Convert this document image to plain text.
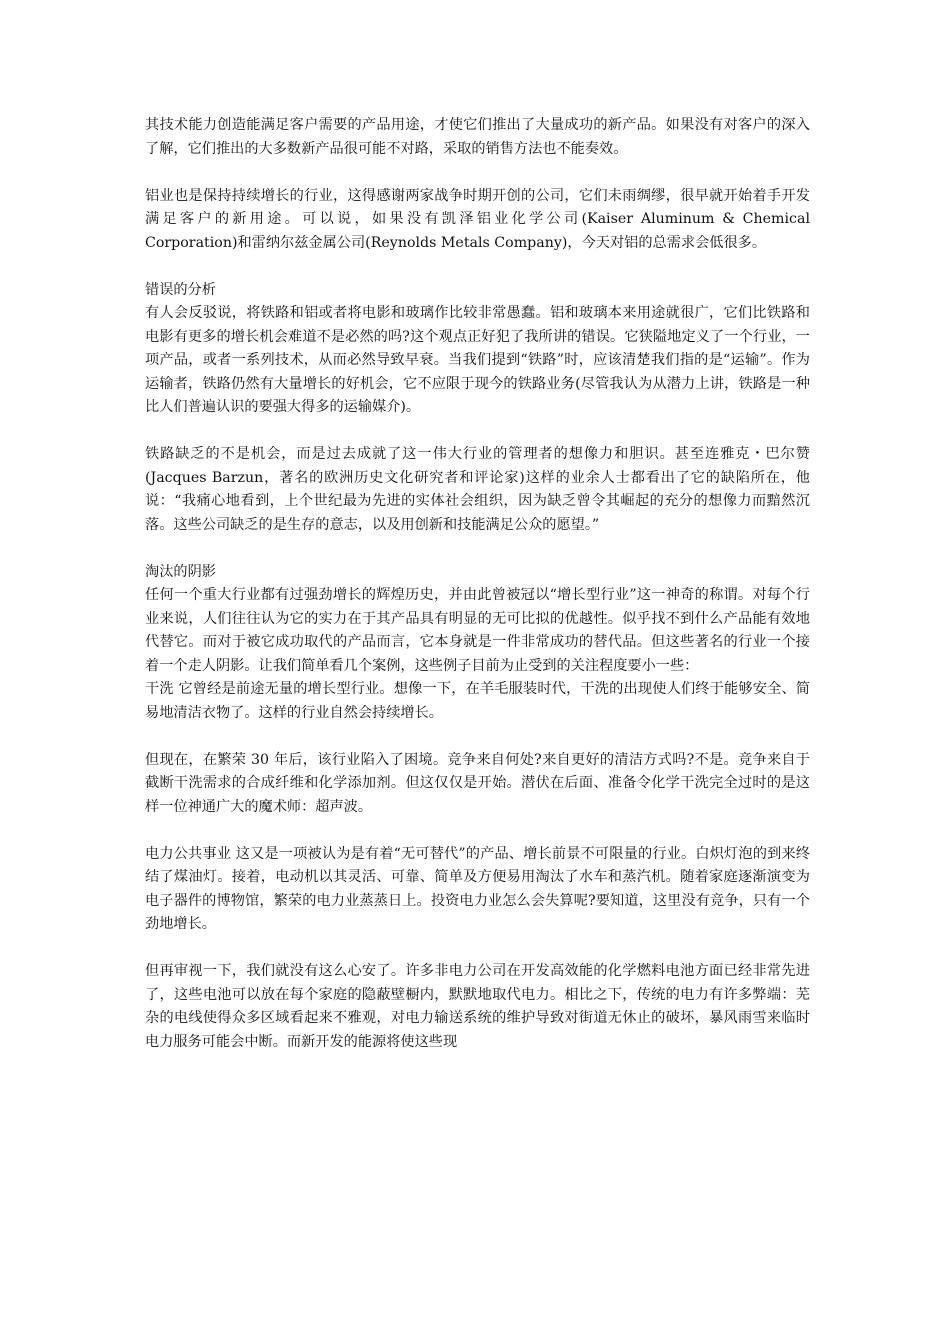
其技术能力创造能满足客户需要的产品用途，才使它们推出了大量成功的新产品。如果没有对客户的深入了解，它们推出的大多数新产品很可能不对路，采取的销售方法也不能奏效。

铝业也是保持持续增长的行业，这得感谢两家战争时期开创的公司，它们未雨绸缪，很早就开始着手开发满足客户的新用途。可以说，如果没有凯泽铝业化学公司(Kaiser Aluminum & Chemical Corporation)和雷纳尔兹金属公司(Reynolds Metals Company)，今天对铝的总需求会低很多。

错误的分析

有人会反驳说，将铁路和铝或者将电影和玻璃作比较非常愚蠢。铝和玻璃本来用途就很广，它们比铁路和电影有更多的增长机会难道不是必然的吗?这个观点正好犯了我所讲的错误。它狭隘地定义了一个行业，一项产品，或者一系列技术，从而必然导致早衰。当我们提到“铁路”时，应该清楚我们指的是“运输”。作为运输者，铁路仍然有大量增长的好机会，它不应限于现今的铁路业务(尽管我认为从潜力上讲，铁路是一种比人们普遍认识的要强大得多的运输媒介)。

铁路缺乏的不是机会，而是过去成就了这一伟大行业的管理者的想像力和胆识。甚至连雅克・巴尔赞(Jacques Barzun，著名的欧洲历史文化研究者和评论家)这样的业余人士都看出了它的缺陷所在，他说：“我痛心地看到，上个世纪最为先进的实体社会组织，因为缺乏曾令其崛起的充分的想像力而黯然沉落。这些公司缺乏的是生存的意志，以及用创新和技能满足公众的愿望。”

淘汰的阴影

任何一个重大行业都有过强劲增长的辉煌历史，并由此曾被冠以“增长型行业”这一神奇的称谓。对每个行业来说，人们往往认为它的实力在于其产品具有明显的无可比拟的优越性。似乎找不到什么产品能有效地代替它。而对于被它成功取代的产品而言，它本身就是一件非常成功的替代品。但这些著名的行业一个接着一个走人阴影。让我们简单看几个案例，这些例子目前为止受到的关注程度要小一些：

干洗 它曾经是前途无量的增长型行业。想像一下，在羊毛服装时代，干洗的出现使人们终于能够安全、简易地清洁衣物了。这样的行业自然会持续增长。

但现在，在繁荣 30 年后，该行业陷入了困境。竞争来自何处?来自更好的清洁方式吗?不是。竞争来自于截断干洗需求的合成纤维和化学添加剂。但这仅仅是开始。潜伏在后面、准备令化学干洗完全过时的是这样一位神通广大的魔术师：超声波。

电力公共事业 这又是一项被认为是有着“无可替代”的产品、增长前景不可限量的行业。白炽灯泡的到来终结了煤油灯。接着，电动机以其灵活、可靠、简单及方便易用淘汰了水车和蒸汽机。随着家庭逐渐演变为电子器件的博物馆，繁荣的电力业蒸蒸日上。投资电力业怎么会失算呢?要知道，这里没有竞争，只有一个劲地增长。

但再审视一下，我们就没有这么心安了。许多非电力公司在开发高效能的化学燃料电池方面已经非常先进了，这些电池可以放在每个家庭的隐蔽壁橱内，默默地取代电力。相比之下，传统的电力有许多弊端：芜杂的电线使得众多区域看起来不雅观，对电力输送系统的维护导致对街道无休止的破坏，暴风雨雪来临时电力服务可能会中断。而新开发的能源将使这些现
